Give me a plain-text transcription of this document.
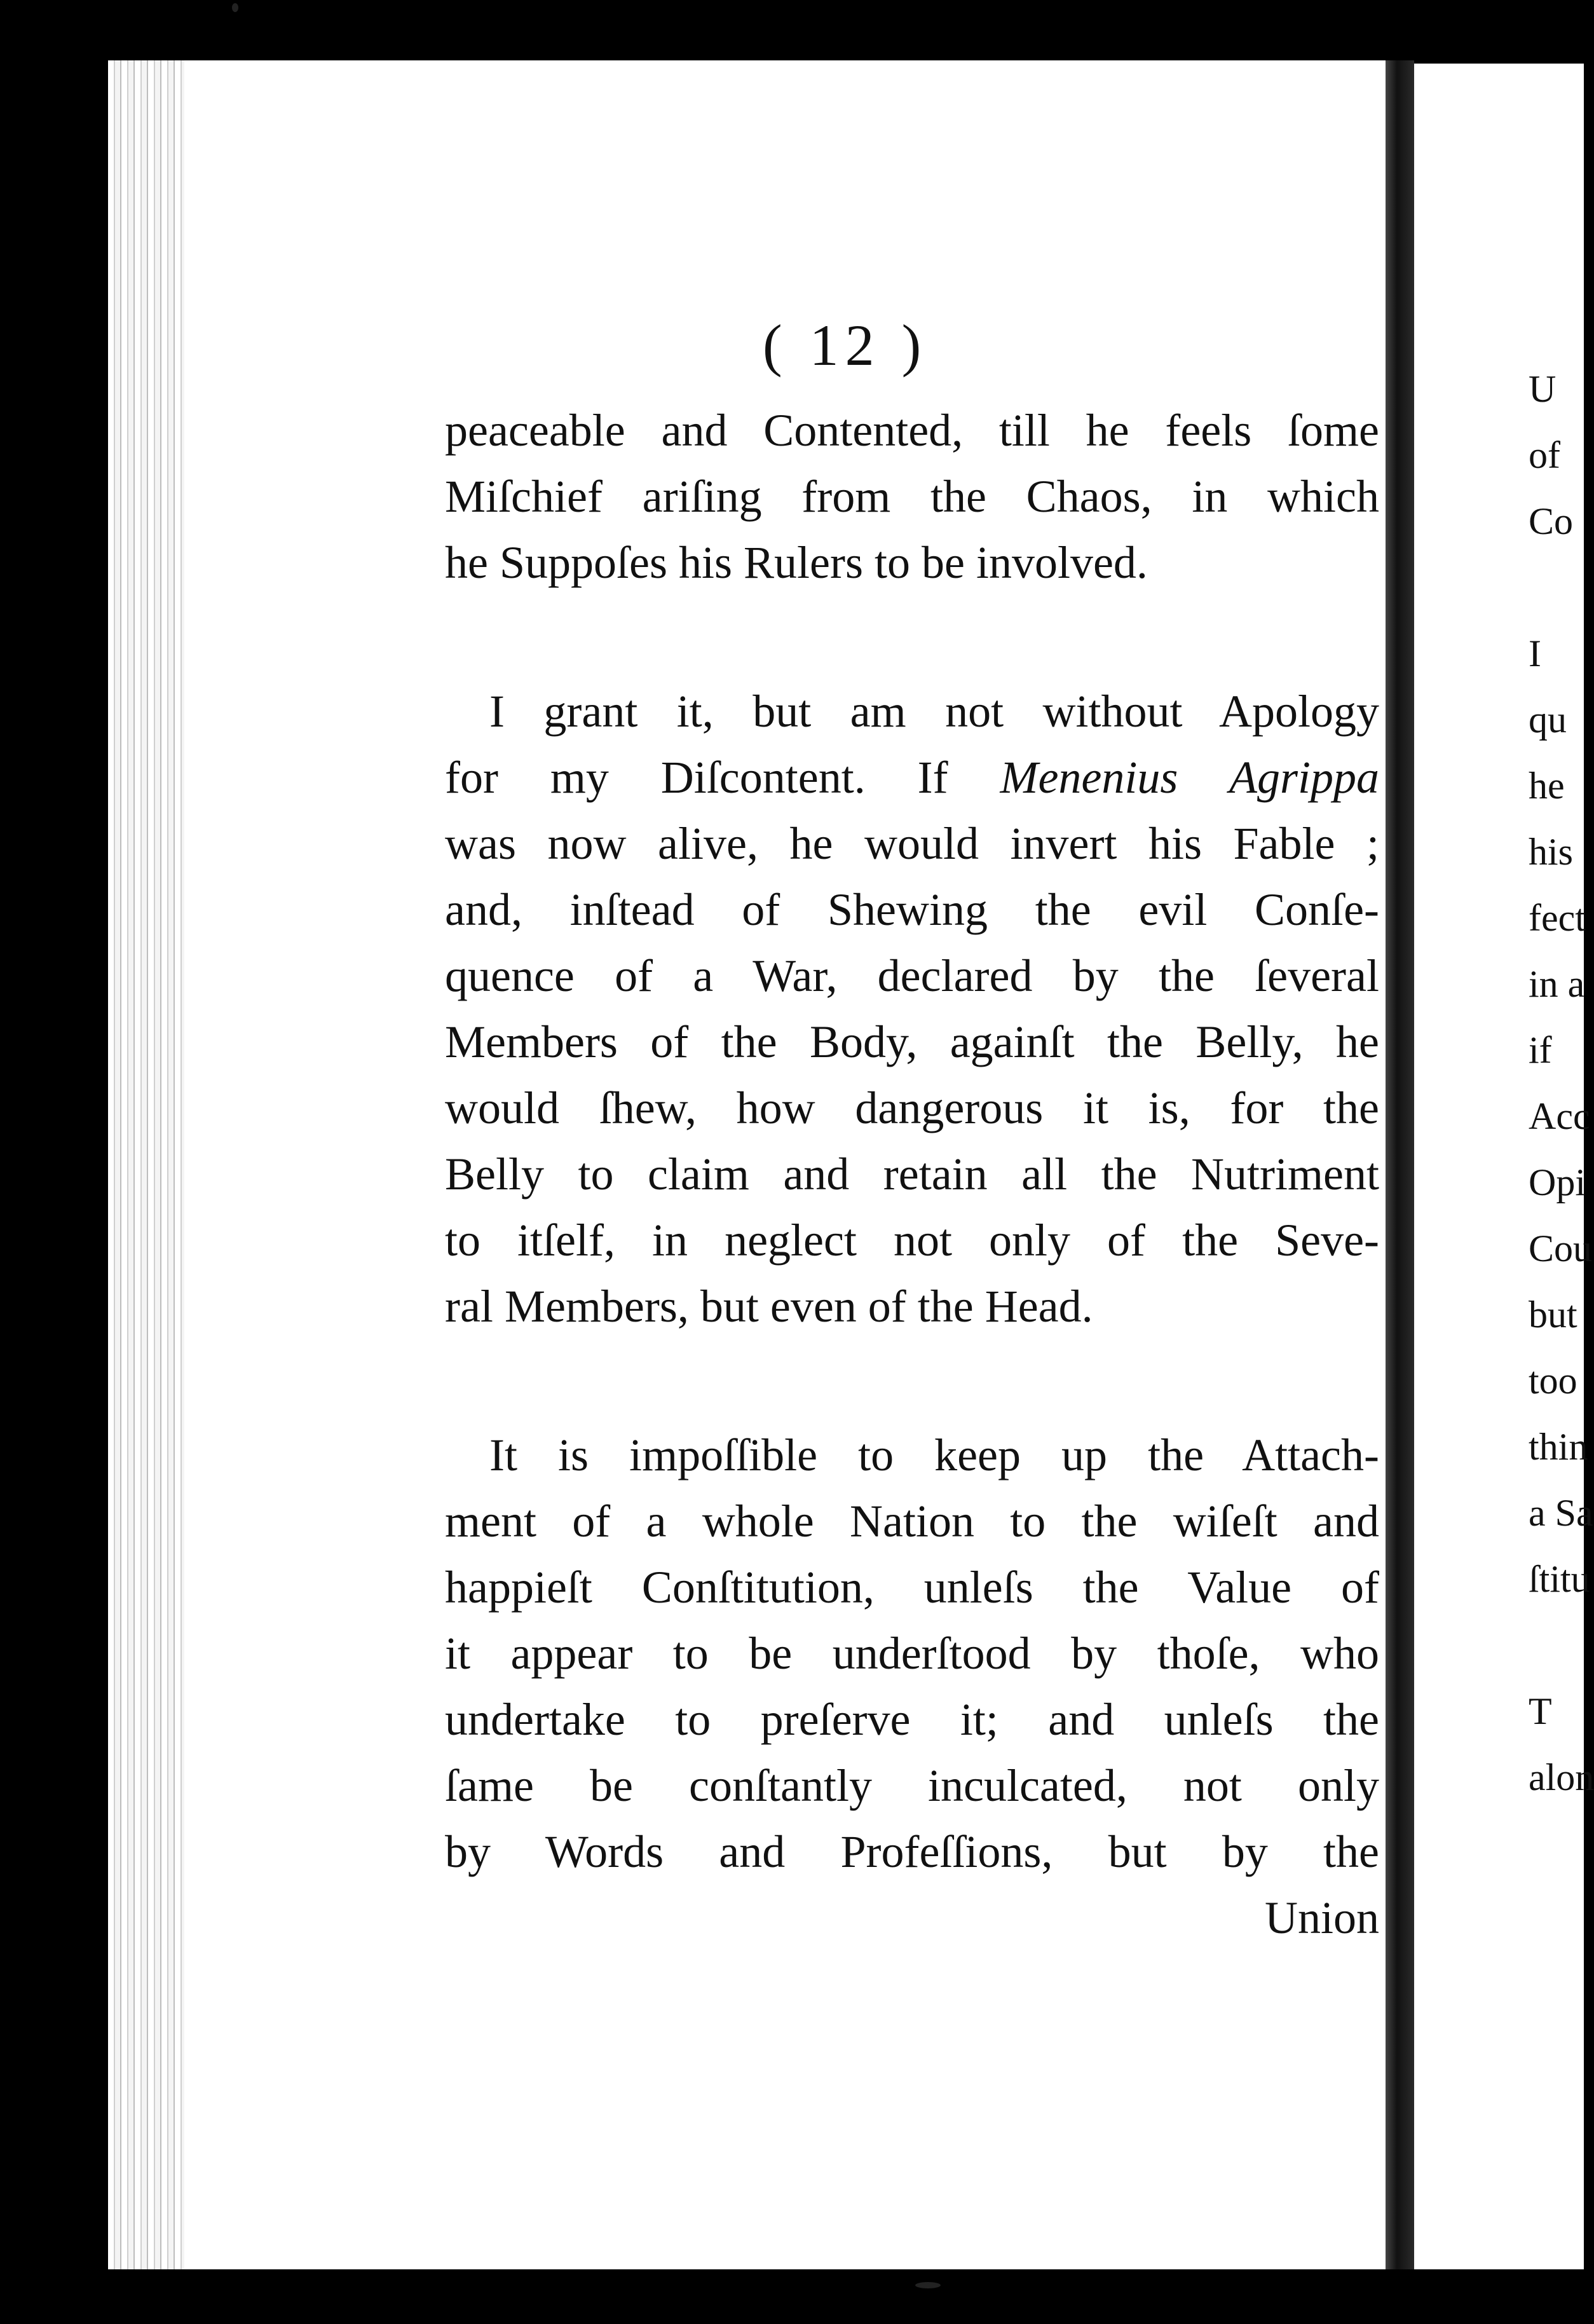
( 12 )

peaceable and Contented, till he feels ſome
Miſchief ariſing from the Chaos, in which
he Suppoſes his Rulers to be involved.

I grant it, but am not without Apology
for my Diſcontent. If Menenius Agrippa
was now alive, he would invert his Fable ;
and, inſtead of Shewing the evil Conſe-
quence of a War, declared by the ſeveral
Members of the Body, againſt the Belly, he
would ſhew, how dangerous it is, for the
Belly to claim and retain all the Nutriment
to itſelf, in neglect not only of the Seve-
ral Members, but even of the Head.

It is impoſſible to keep up the Attach-
ment of a whole Nation to the wiſeſt and
happieſt Conſtitution, unleſs the Value of
it appear to be underſtood by thoſe, who
undertake to preſerve it; and unleſs the
ſame be conſtantly inculcated, not only
by Words and Profeſſions, but by the
Union

U
of
Co

I
qu
he
his
fect
in a
if
Acc
Opi
Cou
but
too
thin
a Sa
ſtitu

T
alon
